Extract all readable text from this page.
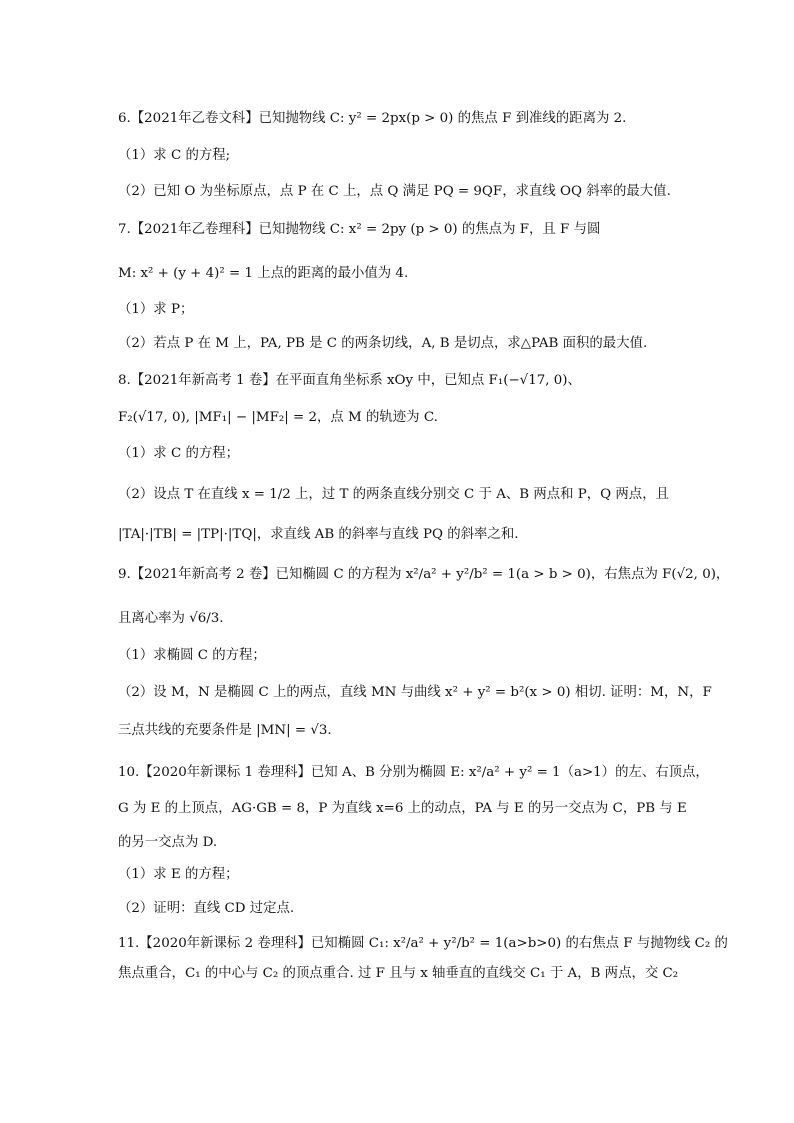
6.【2021年乙卷文科】已知抛物线 C: y² = 2px(p > 0) 的焦点 F 到准线的距离为 2.
（1）求 C 的方程;
（2）已知 O 为坐标原点，点 P 在 C 上，点 Q 满足 PQ = 9QF，求直线 OQ 斜率的最大值.
7.【2021年乙卷理科】已知抛物线 C: x² = 2py (p > 0) 的焦点为 F，且 F 与圆
M: x² + (y + 4)² = 1 上点的距离的最小值为 4.
（1）求 P；
（2）若点 P 在 M 上，PA, PB 是 C 的两条切线，A, B 是切点，求△PAB 面积的最大值.
8.【2021年新高考 1 卷】在平面直角坐标系 xOy 中，已知点 F₁(−√17, 0)、
F₂(√17, 0), |MF₁| − |MF₂| = 2，点 M 的轨迹为 C.
（1）求 C 的方程；
（2）设点 T 在直线 x = 1/2 上，过 T 的两条直线分别交 C 于 A、B 两点和 P，Q 两点，且
|TA|·|TB| = |TP|·|TQ|，求直线 AB 的斜率与直线 PQ 的斜率之和.
9.【2021年新高考 2 卷】已知椭圆 C 的方程为 x²/a² + y²/b² = 1(a > b > 0)，右焦点为 F(√2, 0)，
且离心率为 √6/3.
（1）求椭圆 C 的方程；
（2）设 M，N 是椭圆 C 上的两点，直线 MN 与曲线 x² + y² = b²(x > 0) 相切. 证明：M，N，F
三点共线的充要条件是 |MN| = √3.
10.【2020年新课标 1 卷理科】已知 A、B 分别为椭圆 E: x²/a² + y² = 1（a>1）的左、右顶点，
G 为 E 的上顶点，AG·GB = 8，P 为直线 x=6 上的动点，PA 与 E 的另一交点为 C，PB 与 E
的另一交点为 D.
（1）求 E 的方程；
（2）证明：直线 CD 过定点.
11.【2020年新课标 2 卷理科】已知椭圆 C₁: x²/a² + y²/b² = 1(a>b>0) 的右焦点 F 与抛物线 C₂ 的
焦点重合，C₁ 的中心与 C₂ 的顶点重合. 过 F 且与 x 轴垂直的直线交 C₁ 于 A，B 两点，交 C₂
